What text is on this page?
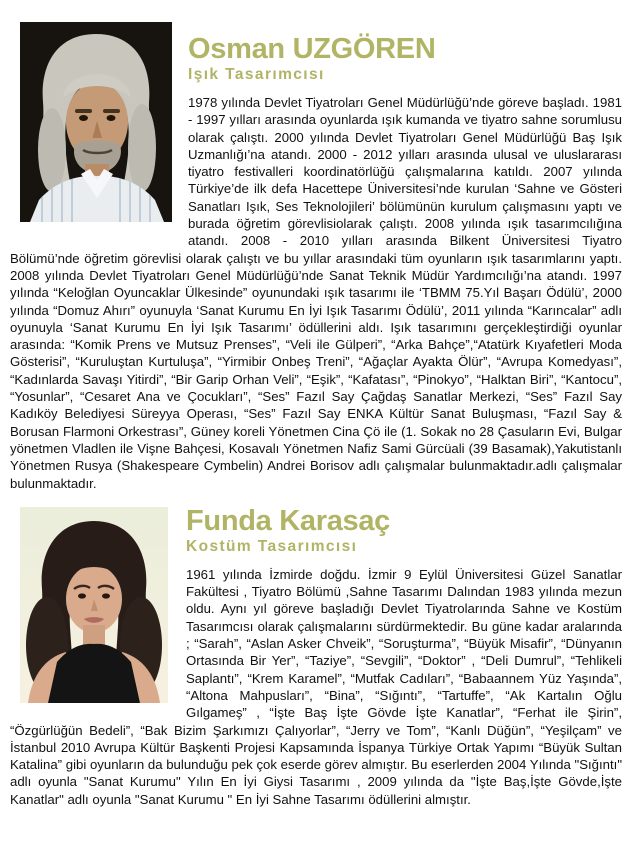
Osman UZGÖREN
Işık Tasarımcısı

1978 yılında Devlet Tiyatroları Genel Müdürlüğü’nde göreve başladı. 1981 - 1997 yılları arasında oyunlarda ışık kumanda ve tiyatro sahne sorumlusu olarak çalıştı. 2000 yılında Devlet Tiyatroları Genel Müdürlüğü Baş Işık Uzmanlığı’na atandı. 2000 - 2012 yılları arasında ulusal ve uluslararası tiyatro festivalleri koordinatörlüğü çalışmalarına katıldı. 2007 yılında Türkiye’de ilk defa Hacettepe Üniversitesi’nde kurulan ‘Sahne ve Gösteri Sanatları Işık, Ses Teknolojileri’ bölümünün kurulum çalışmasını yaptı ve burada öğretim görevlisiolarak çalıştı. 2008 yılında ışık tasarımcılığına atandı. 2008 - 2010 yılları arasında Bilkent Üniversitesi Tiyatro Bölümü’nde öğretim görevlisi olarak çalıştı ve bu yıllar arasındaki tüm oyunların ışık tasarımlarını yaptı. 2008 yılında Devlet Tiyatroları Genel Müdürlüğü’nde Sanat Teknik Müdür Yardımcılığı’na atandı. 1997 yılında “Keloğlan Oyuncaklar Ülkesinde” oyunundaki ışık tasarımı ile ‘TBMM 75.Yıl Başarı Ödülü’, 2000 yılında “Domuz Ahırı” oyunuyla ‘Sanat Kurumu En İyi Işık Tasarımı Ödülü’, 2011 yılında “Karıncalar” adlı oyunuyla ‘Sanat Kurumu En İyi Işık Tasarımı’ ödüllerini aldı. Işık tasarımını gerçekleştirdiği oyunlar arasında: “Komik Prens ve Mutsuz Prenses”, “Veli ile Gülperi”, “Arka Bahçe”,“Atatürk Kıyafetleri Moda Gösterisi”, “Kuruluştan Kurtuluşa”, “Yirmibir Onbeş Treni”, “Ağaçlar Ayakta Ölür”, “Avrupa Komedyası”, “Kadınlarda Savaşı Yitirdi”, “Bir Garip Orhan Veli”, “Eşik”, “Kafatası”, “Pinokyo”, “Halktan Biri”, “Kantocu”, “Yosunlar”, “Cesaret Ana ve Çocukları”, “Ses” Fazıl Say Çağdaş Sanatlar Merkezi, “Ses” Fazıl Say Kadıköy Belediyesi Süreyya Operası, “Ses” Fazıl Say ENKA Kültür Sanat Buluşması, “Fazıl Say & Borusan Flarmoni Orkestrası”, Güney koreli Yönetmen Cina Çö ile (1. Sokak no 28 Çasuların Evi, Bulgar yönetmen Vladlen ile Vişne Bahçesi, Kosavalı Yönetmen Nafiz Sami Gürcüali (39 Basamak),Yakutistanlı Yönetmen Rusya (Shakespeare Cymbelin) Andrei Borisov adlı çalışmalar bulunmaktadır.adlı çalışmalar bulunmaktadır.

Funda Karasaç
Kostüm Tasarımcısı

1961 yılında İzmirde doğdu. İzmir 9 Eylül Üniversitesi Güzel Sanatlar Fakültesi , Tiyatro Bölümü ,Sahne Tasarımı Dalından 1983 yılında mezun oldu. Aynı yıl göreve başladığı Devlet Tiyatrolarında Sahne ve Kostüm Tasarımcısı olarak çalışmalarını sürdürmektedir. Bu güne kadar aralarında ; “Sarah”, “Aslan Asker Chveik”, “Soruşturma”, “Büyük Misafir”, “Dünyanın Ortasında Bir Yer”, “Taziye”, “Sevgili”, “Doktor” , “Deli Dumrul”, “Tehlikeli Saplantı”, “Krem Karamel”, “Mutfak Cadıları”, “Babaannem Yüz Yaşında”, “Altona Mahpusları”, “Bina”, “Sığıntı”, “Tartuffe”, “Ak Kartalın Oğlu Gılgameş” , “İşte Baş İşte Gövde İşte Kanatlar”, “Ferhat ile Şirin”, “Özgürlüğün Bedeli”, “Bak Bizim Şarkımızı Çalıyorlar”, “Jerry ve Tom”, “Kanlı Düğün”, “Yeşilçam” ve İstanbul 2010 Avrupa Kültür Başkenti Projesi Kapsamında İspanya Türkiye Ortak Yapımı “Büyük Sultan Katalina” gibi oyunların da bulunduğu pek çok eserde görev almıştır. Bu eserlerden 2004 Yılında "Sığıntı" adlı oyunla "Sanat Kurumu" Yılın En İyi Giysi Tasarımı , 2009 yılında da "İşte Baş,İşte Gövde,İşte Kanatlar" adlı oyunla "Sanat Kurumu " En İyi Sahne Tasarımı ödüllerini almıştır.
